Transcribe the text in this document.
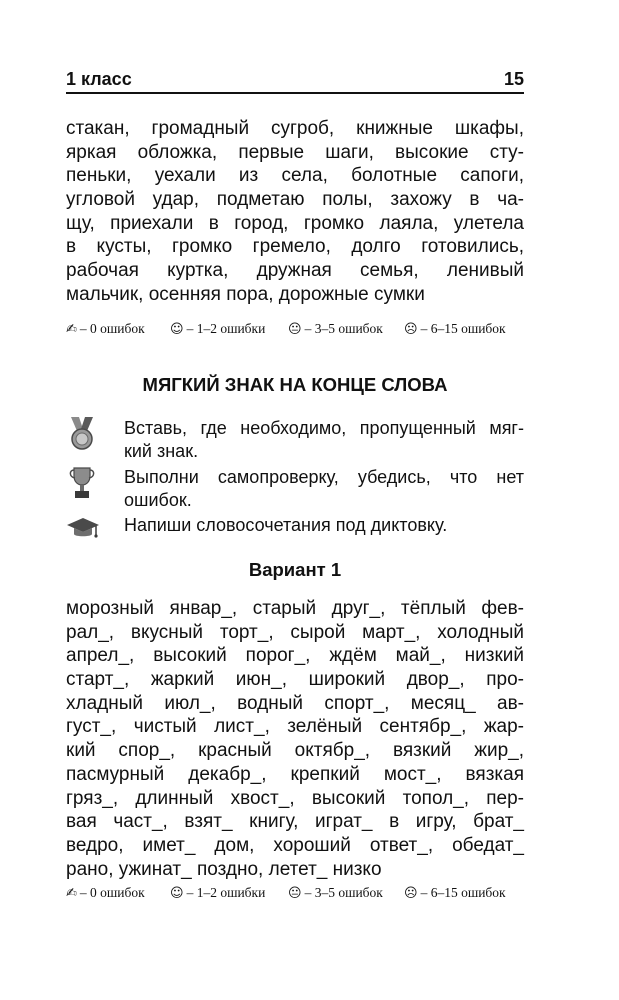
1 класс	15
стакан, громадный сугроб, книжные шкафы,
яркая обложка, первые шаги, высокие сту-
пеньки, уехали из села, болотные сапоги,
угловой удар, подметаю полы, захожу в ча-
щу, приехали в город, громко лаяла, улетела
в кусты, громко гремело, долго готовились,
рабочая куртка, дружная семья, ленивый
мальчик, осенняя пора, дорожные сумки
✍ – 0 ошибок ☺ – 1–2 ошибки 😐 – 3–5 ошибок ☹ – 6–15 ошибок
МЯГКИЙ ЗНАК НА КОНЦЕ СЛОВА
Вставь, где необходимо, пропущенный мяг-
кий знак.
Выполни самопроверку, убедись, что нет
ошибок.
Напиши словосочетания под диктовку.
Вариант 1
морозный январ_, старый друг_, тёплый фев-
рал_, вкусный торт_, сырой март_, холодный
апрел_, высокий порог_, ждём май_, низкий
старт_, жаркий июн_, широкий двор_, про-
хладный июл_, водный спорт_, месяц_ ав-
густ_, чистый лист_, зелёный сентябр_, жар-
кий спор_, красный октябр_, вязкий жир_,
пасмурный декабр_, крепкий мост_, вязкая
гряз_, длинный хвост_, высокий топол_, пер-
вая част_, взят_ книгу, играт_ в игру, брат_
ведро, имет_ дом, хороший ответ_, обедат_
рано, ужинат_ поздно, летет_ низко
✍ – 0 ошибок ☺ – 1–2 ошибки 😐 – 3–5 ошибок ☹ – 6–15 ошибок
